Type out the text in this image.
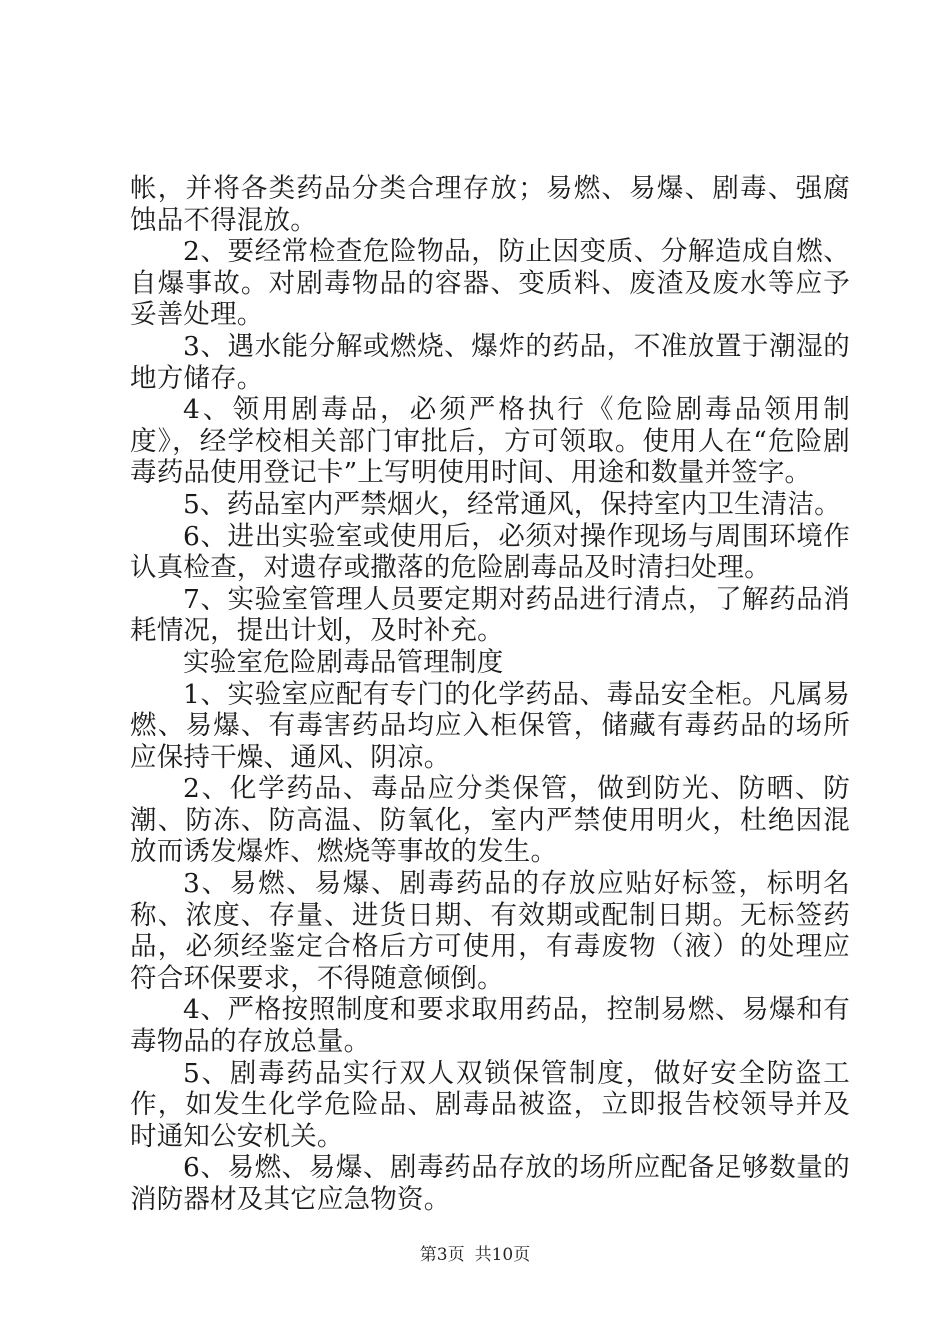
帐，并将各类药品分类合理存放；易燃、易爆、剧毒、强腐蚀品不得混放。

2、要经常检查危险物品，防止因变质、分解造成自燃、自爆事故。对剧毒物品的容器、变质料、废渣及废水等应予妥善处理。

3、遇水能分解或燃烧、爆炸的药品，不准放置于潮湿的地方储存。

4、领用剧毒品，必须严格执行《危险剧毒品领用制度》，经学校相关部门审批后，方可领取。使用人在“危险剧毒药品使用登记卡”上写明使用时间、用途和数量并签字。

5、药品室内严禁烟火，经常通风，保持室内卫生清洁。

6、进出实验室或使用后，必须对操作现场与周围环境作认真检查，对遗存或撒落的危险剧毒品及时清扫处理。

7、实验室管理人员要定期对药品进行清点，了解药品消耗情况，提出计划，及时补充。

实验室危险剧毒品管理制度

1、实验室应配有专门的化学药品、毒品安全柜。凡属易燃、易爆、有毒害药品均应入柜保管，储藏有毒药品的场所应保持干燥、通风、阴凉。

2、化学药品、毒品应分类保管，做到防光、防晒、防潮、防冻、防高温、防氧化，室内严禁使用明火，杜绝因混放而诱发爆炸、燃烧等事故的发生。

3、易燃、易爆、剧毒药品的存放应贴好标签，标明名称、浓度、存量、进货日期、有效期或配制日期。无标签药品，必须经鉴定合格后方可使用，有毒废物（液）的处理应符合环保要求，不得随意倾倒。

4、严格按照制度和要求取用药品，控制易燃、易爆和有毒物品的存放总量。

5、剧毒药品实行双人双锁保管制度，做好安全防盗工作，如发生化学危险品、剧毒品被盗，立即报告校领导并及时通知公安机关。

6、易燃、易爆、剧毒药品存放的场所应配备足够数量的消防器材及其它应急物资。

第3页 共10页
